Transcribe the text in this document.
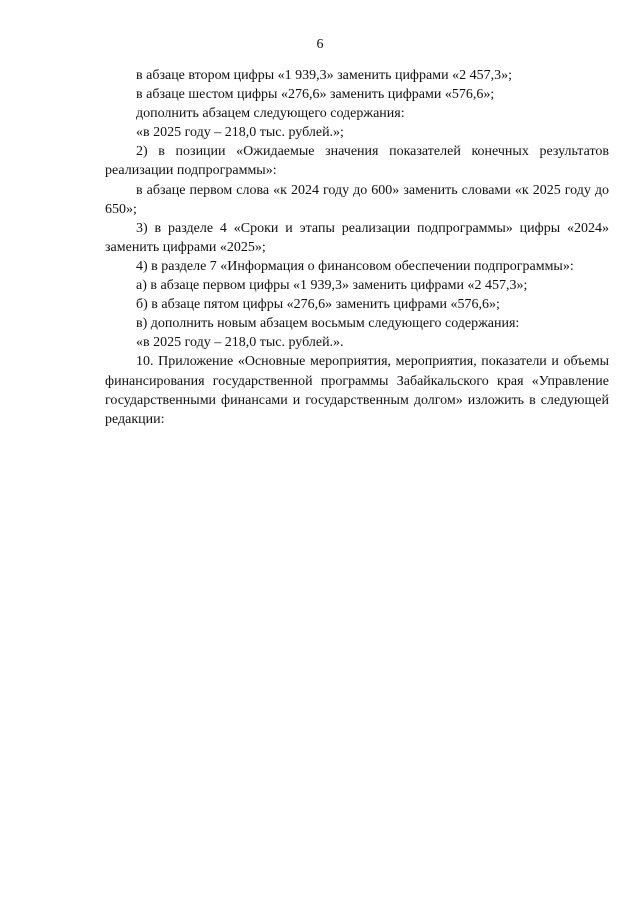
6

в абзаце втором цифры «1 939,3» заменить цифрами «2 457,3»;

в абзаце шестом цифры «276,6» заменить цифрами «576,6»;

дополнить абзацем следующего содержания:

«в 2025 году – 218,0 тыс. рублей.»;

2) в позиции «Ожидаемые значения показателей конечных результатов реализации подпрограммы»:

в абзаце первом слова «к 2024 году до 600» заменить словами «к 2025 году до 650»;

3) в разделе 4 «Сроки и этапы реализации подпрограммы» цифры «2024» заменить цифрами «2025»;

4) в разделе 7 «Информация о финансовом обеспечении подпрограммы»:

а) в абзаце первом цифры «1 939,3» заменить цифрами «2 457,3»;

б) в абзаце пятом цифры «276,6» заменить цифрами «576,6»;

в) дополнить новым абзацем восьмым следующего содержания:

«в 2025 году – 218,0 тыс. рублей.».

10. Приложение «Основные мероприятия, мероприятия, показатели и объемы финансирования государственной программы Забайкальского края «Управление государственными финансами и государственным долгом» изложить в следующей редакции:
